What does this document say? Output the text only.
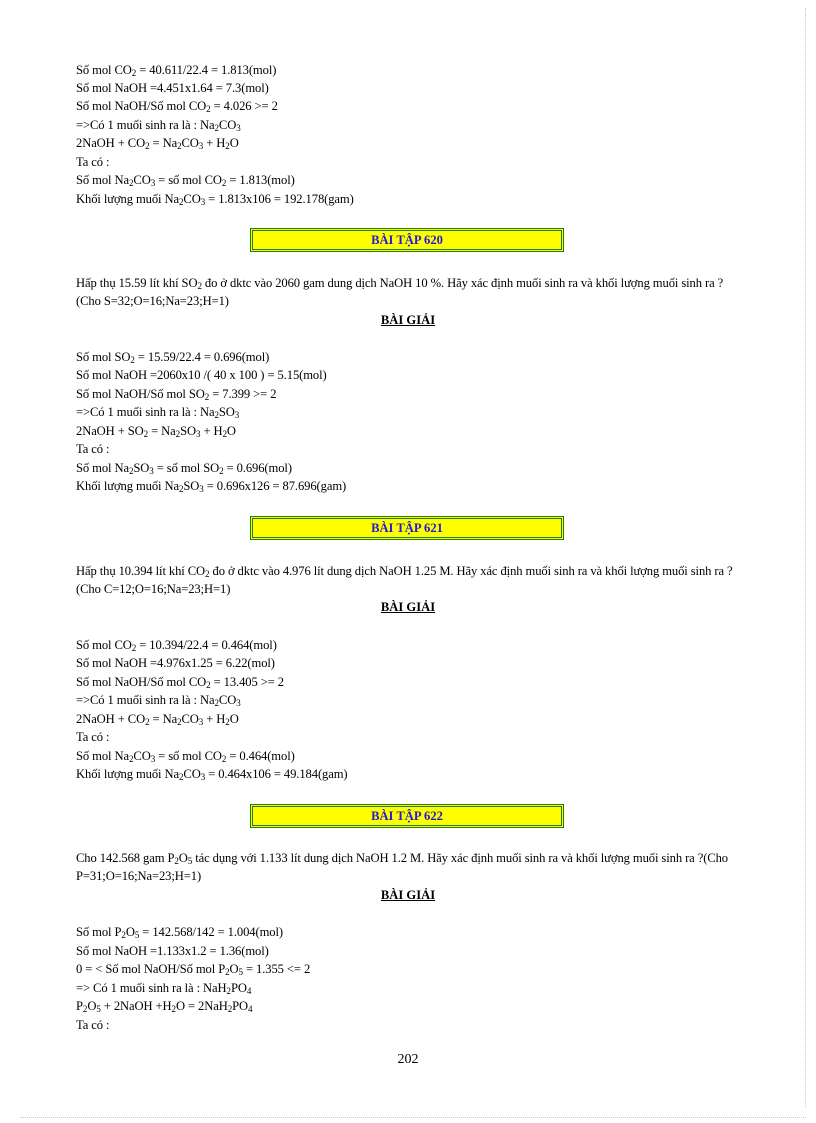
Số mol $CO_2 = 40.611/22.4 = 1.813(mol)$
Số mol NaOH =4.451x1.64 = 7.3(mol)
Số mol NaOH/Số mol $CO_2 = 4.026 >= 2$
=>Có 1 muối sinh ra là : $Na_2CO_3$
2NaOH + $CO_2 = Na_2CO_3 + H_2O$
Ta có :
Số mol $Na_2CO_3$ = số mol $CO_2 = 1.813(mol)$
Khối lượng muối $Na_2CO_3 = 1.813x106 = 192.178(gam)$
BÀI TẬP 620
Hấp thụ 15.59 lít khí $SO_2$ đo ở dktc vào 2060 gam dung dịch NaOH 10 %. Hãy xác định muối sinh ra và khối lượng muối sinh ra ?(Cho S=32;O=16;Na=23;H=1)
BÀI GIẢI
Số mol $SO_2 = 15.59/22.4 = 0.696(mol)$
Số mol NaOH =2060x10 /( 40 x 100 ) = 5.15(mol)
Số mol NaOH/Số mol $SO_2 = 7.399 >= 2$
=>Có 1 muối sinh ra là : $Na_2SO_3$
2NaOH + $SO_2 = Na_2SO_3 + H_2O$
Ta có :
Số mol $Na_2SO_3$ = số mol $SO_2 = 0.696(mol)$
Khối lượng muối $Na_2SO_3 = 0.696x126 = 87.696(gam)$
BÀI TẬP 621
Hấp thụ 10.394 lít khí $CO_2$ đo ở dktc vào 4.976 lít dung dịch NaOH 1.25 M. Hãy xác định muối sinh ra và khối lượng muối sinh ra ?(Cho C=12;O=16;Na=23;H=1)
BÀI GIẢI
Số mol $CO_2 = 10.394/22.4 = 0.464(mol)$
Số mol NaOH =4.976x1.25 = 6.22(mol)
Số mol NaOH/Số mol $CO_2 = 13.405 >= 2$
=>Có 1 muối sinh ra là : $Na_2CO_3$
2NaOH + $CO_2 = Na_2CO_3 + H_2O$
Ta có :
Số mol $Na_2CO_3$ = số mol $CO_2 = 0.464(mol)$
Khối lượng muối $Na_2CO_3 = 0.464x106 = 49.184(gam)$
BÀI TẬP 622
Cho 142.568 gam $P_2O_5$ tác dụng với 1.133 lít dung dịch NaOH 1.2 M. Hãy xác định muối sinh ra và khối lượng muối sinh ra ?(Cho P=31;O=16;Na=23;H=1)
BÀI GIẢI
Số mol $P_2O_5 = 142.568/142 = 1.004(mol)$
Số mol NaOH =1.133x1.2 = 1.36(mol)
0 = < Số mol NaOH/Số mol $P_2O_5 = 1.355 <= 2$
=> Có 1 muối sinh ra là : $NaH_2PO_4$
$P_2O_5$ + 2NaOH $+H_2O = 2NaH_2PO_4$
Ta có :
202
